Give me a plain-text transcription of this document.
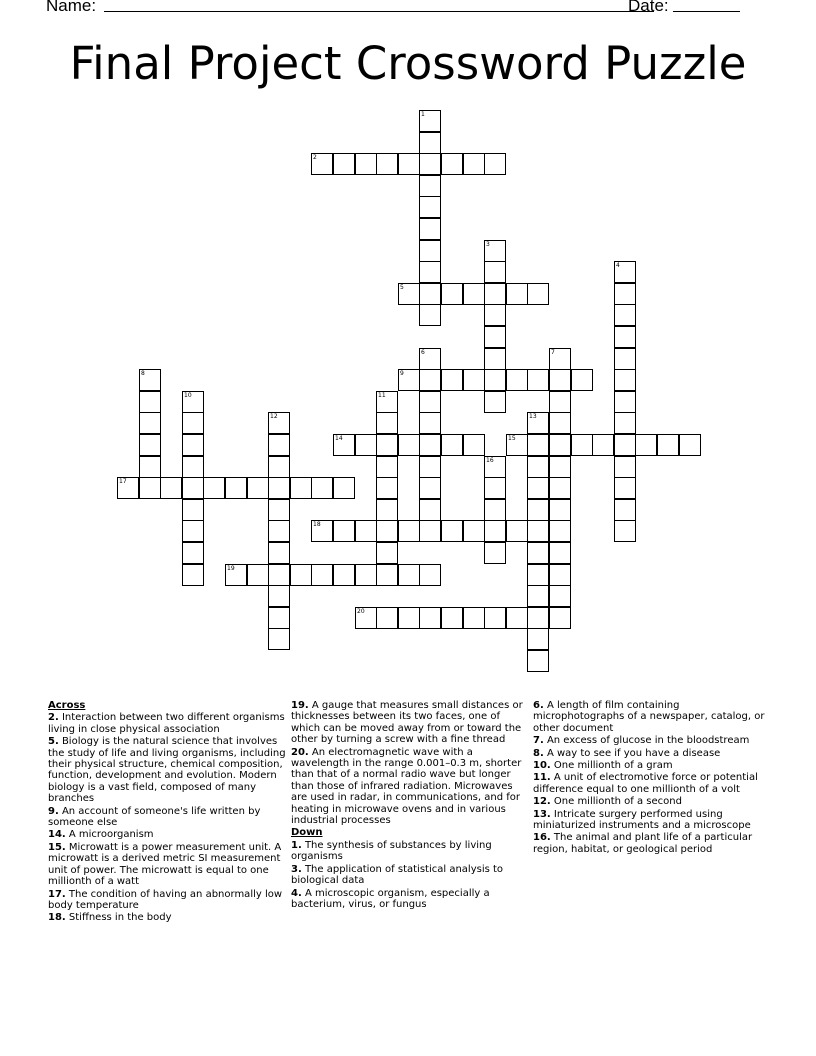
Name:	Date:
Final Project Crossword Puzzle
1
2
3
4
5
6	7
8	9
10	11
12	13
14	15
16
17
18
19
20

Across

2. Interaction between two different organisms living in close physical association

5. Biology is the natural science that involves the study of life and living organisms, including their physical structure, chemical composition, function, development and evolution. Modern biology is a vast field, composed of many branches

9. An account of someone's life written by someone else

14. A microorganism

15. Microwatt is a power measurement unit. A microwatt is a derived metric SI measurement unit of power. The microwatt is equal to one millionth of a watt

17. The condition of having an abnormally low body temperature

18. Stiffness in the body

19. A gauge that measures small distances or thicknesses between its two faces, one of which can be moved away from or toward the other by turning a screw with a fine thread

20. An electromagnetic wave with a wavelength in the range 0.001–0.3 m, shorter than that of a normal radio wave but longer than those of infrared radiation. Microwaves are used in radar, in communications, and for heating in microwave ovens and in various industrial processes

Down

1. The synthesis of substances by living organisms

3. The application of statistical analysis to biological data

4. A microscopic organism, especially a bacterium, virus, or fungus

6. A length of film containing microphotographs of a newspaper, catalog, or other document

7. An excess of glucose in the bloodstream

8. A way to see if you have a disease

10. One millionth of a gram

11. A unit of electromotive force or potential difference equal to one millionth of a volt

12. One millionth of a second

13. Intricate surgery performed using miniaturized instruments and a microscope

16. The animal and plant life of a particular region, habitat, or geological period
